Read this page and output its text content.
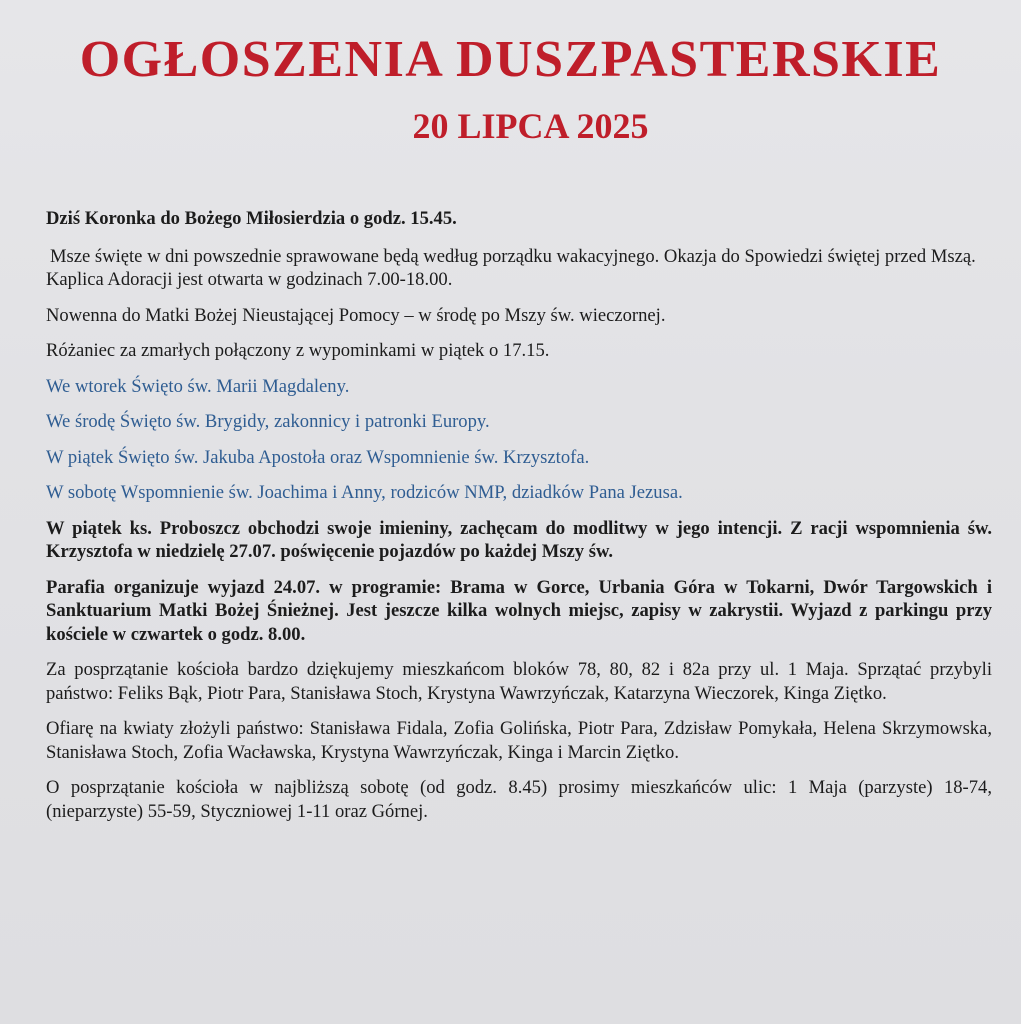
OGŁOSZENIA DUSZPASTERSKIE
20 LIPCA 2025

Dziś Koronka do Bożego Miłosierdzia o godz. 15.45.

Msze święte w dni powszednie sprawowane będą według porządku wakacyjnego. Okazja do Spowiedzi świętej przed Mszą.

Kaplica Adoracji jest otwarta w godzinach 7.00-18.00.

Nowenna do Matki Bożej Nieustającej Pomocy – w środę po Mszy św. wieczornej.

Różaniec za zmarłych połączony z wypominkami w piątek o 17.15.

We wtorek Święto św. Marii Magdaleny.

We środę Święto św. Brygidy, zakonnicy i patronki Europy.

W piątek Święto św. Jakuba Apostoła oraz Wspomnienie św. Krzysztofa.

W sobotę Wspomnienie św. Joachima i Anny, rodziców NMP, dziadków Pana Jezusa.

W piątek ks. Proboszcz obchodzi swoje imieniny, zachęcam do modlitwy w jego intencji. Z racji wspomnienia św. Krzysztofa w niedzielę 27.07. poświęcenie pojazdów po każdej Mszy św.

Parafia organizuje wyjazd 24.07. w programie: Brama w Gorce, Urbania Góra w Tokarni, Dwór Targowskich i Sanktuarium Matki Bożej Śnieżnej. Jest jeszcze kilka wolnych miejsc, zapisy w zakrystii. Wyjazd z parkingu przy kościele w czwartek o godz. 8.00.

Za posprzątanie kościoła bardzo dziękujemy mieszkańcom bloków 78, 80, 82 i 82a przy ul. 1 Maja. Sprzątać przybyli państwo: Feliks Bąk, Piotr Para, Stanisława Stoch, Krystyna Wawrzyńczak, Katarzyna Wieczorek, Kinga Ziętko.

Ofiarę na kwiaty złożyli państwo: Stanisława Fidala, Zofia Golińska, Piotr Para, Zdzisław Pomykała, Helena Skrzymowska, Stanisława Stoch, Zofia Wacławska, Krystyna Wawrzyńczak, Kinga i Marcin Ziętko.

O posprzątanie kościoła w najbliższą sobotę (od godz. 8.45) prosimy mieszkańców ulic: 1 Maja (parzyste) 18-74, (nieparzyste) 55-59, Styczniowej 1-11 oraz Górnej.
